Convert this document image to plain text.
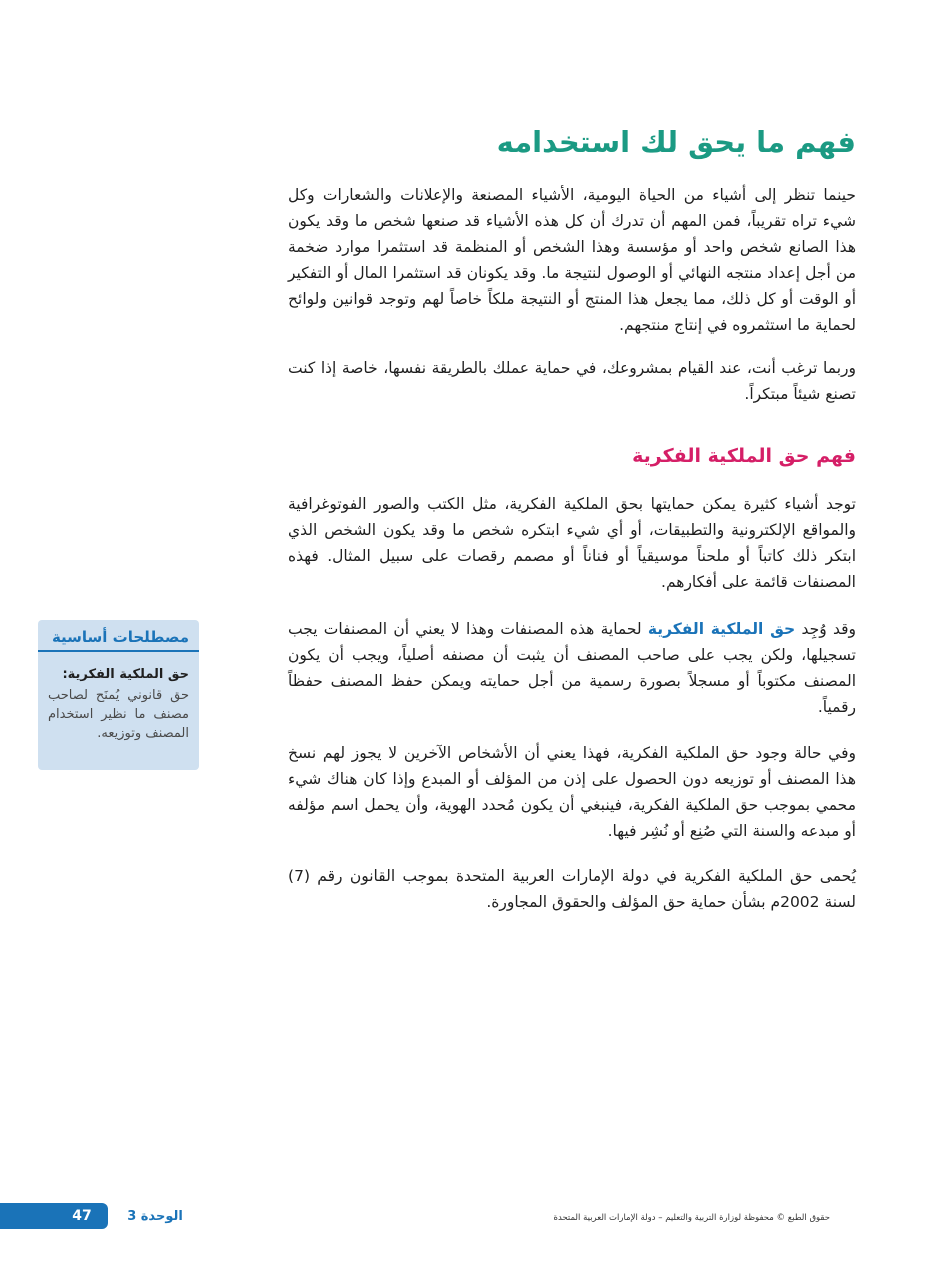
فهم ما يحق لك استخدامه

حينما تنظر إلى أشياء من الحياة اليومية، الأشياء المصنعة والإعلانات والشعارات وكل شيء تراه تقريباً، فمن المهم أن تدرك أن كل هذه الأشياء قد صنعها شخص ما وقد يكون هذا الصانع شخص واحد أو مؤسسة وهذا الشخص أو المنظمة قد استثمرا موارد ضخمة من أجل إعداد منتجه النهائي أو الوصول لنتيجة ما. وقد يكونان قد استثمرا المال أو التفكير أو الوقت أو كل ذلك، مما يجعل هذا المنتج أو النتيجة ملكاً خاصاً لهم وتوجد قوانين ولوائح لحماية ما استثمروه في إنتاج منتجهم.

وربما ترغب أنت، عند القيام بمشروعك، في حماية عملك بالطريقة نفسها، خاصة إذا كنت تصنع شيئاً مبتكراً.

فهم حق الملكية الفكرية

توجد أشياء كثيرة يمكن حمايتها بحق الملكية الفكرية، مثل الكتب والصور الفوتوغرافية والمواقع الإلكترونية والتطبيقات، أو أي شيء ابتكره شخص ما وقد يكون الشخص الذي ابتكر ذلك كاتباً أو ملحناً موسيقياً أو فناناً أو مصمم رقصات على سبيل المثال. فهذه المصنفات قائمة على أفكارهم.

وقد وُجِد حق الملكية الفكرية لحماية هذه المصنفات وهذا لا يعني أن المصنفات يجب تسجيلها، ولكن يجب على صاحب المصنف أن يثبت أن مصنفه أصلياً، ويجب أن يكون المصنف مكتوباً أو مسجلاً بصورة رسمية من أجل حمايته ويمكن حفظ المصنف حفظاً رقمياً.

وفي حالة وجود حق الملكية الفكرية، فهذا يعني أن الأشخاص الآخرين لا يجوز لهم نسخ هذا المصنف أو توزيعه دون الحصول على إذن من المؤلف أو المبدع وإذا كان هناك شيء محمي بموجب حق الملكية الفكرية، فينبغي أن يكون مُحدد الهوية، وأن يحمل اسم مؤلفه أو مبدعه والسنة التي صُنِع أو نُشِر فيها.

يُحمى حق الملكية الفكرية في دولة الإمارات العربية المتحدة بموجب القانون رقم (7) لسنة 2002م بشأن حماية حق المؤلف والحقوق المجاورة.

مصطلحات أساسية
حق الملكية الفكرية:
حق قانوني يُمنَح لصاحب مصنف ما نظير استخدام المصنف وتوزيعه.
47	الوحدة 3	حقوق الطبع © محفوظة لوزارة التربية والتعليم – دولة الإمارات العربية المتحدة
